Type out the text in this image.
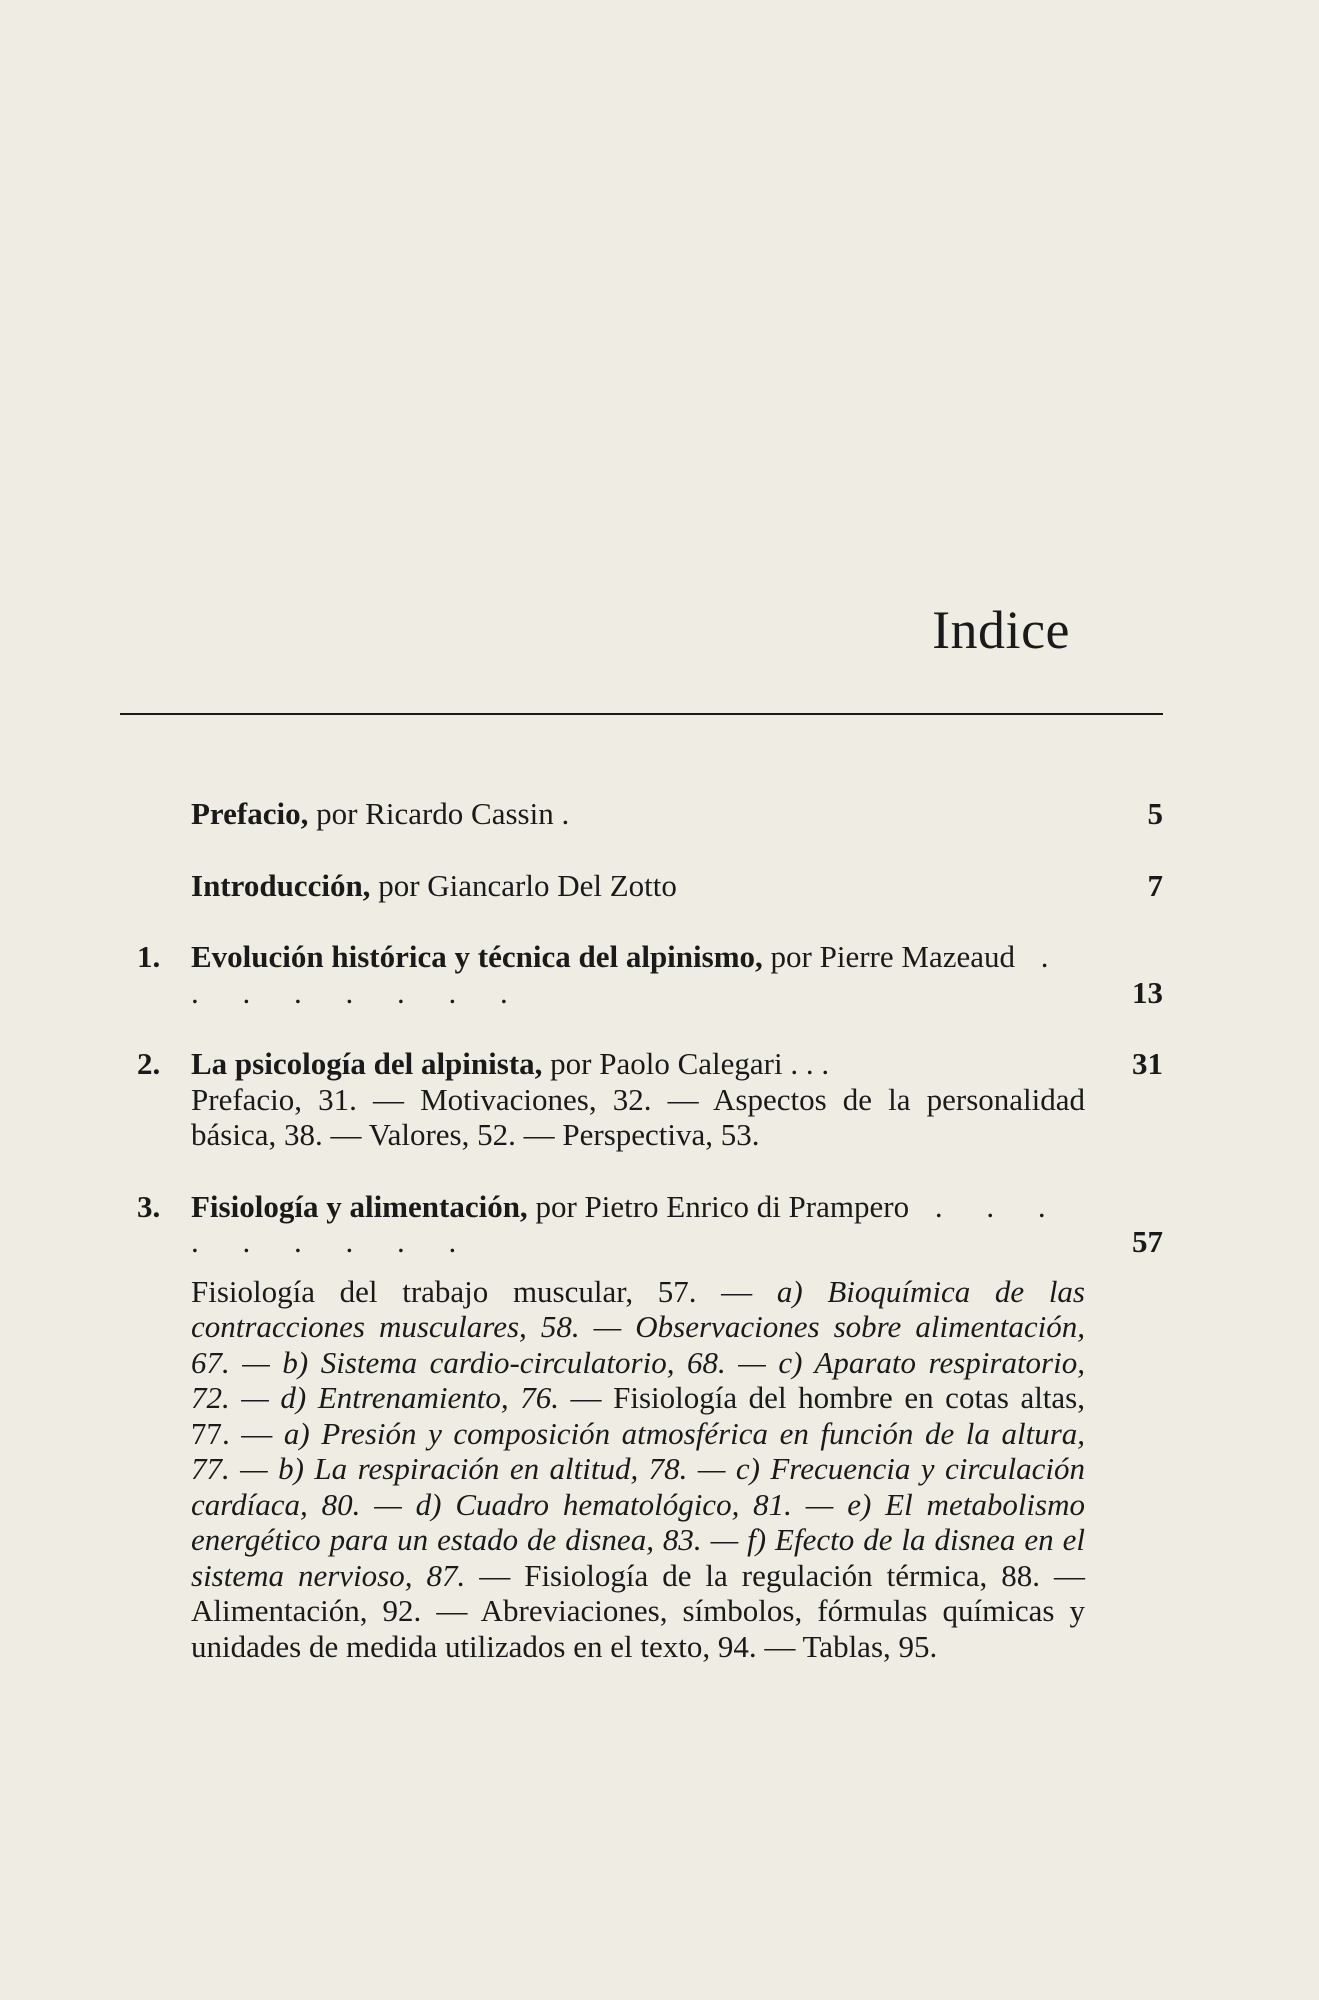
Indice
Prefacio, por Ricardo Cassin .	5
Introducción, por Giancarlo Del Zotto	7
1. Evolución histórica y técnica del alpinismo, por Pierre Mazeaud . . . . . . . .	13
2. La psicología del alpinista, por Paolo Calegari . . .	31
Prefacio, 31. — Motivaciones, 32. — Aspectos de la personalidad básica, 38. — Valores, 52. — Perspectiva, 53.
3. Fisiología y alimentación, por Pietro Enrico di Prampero . . . . . . . . .	57
Fisiología del trabajo muscular, 57. — a) Bioquímica de las contracciones musculares, 58. — Observaciones sobre alimentación, 67. — b) Sistema cardio-circulatorio, 68. — c) Aparato respiratorio, 72. — d) Entrenamiento, 76. — Fisiología del hombre en cotas altas, 77. — a) Presión y composición atmosférica en función de la altura, 77. — b) La respiración en altitud, 78. — c) Frecuencia y circulación cardíaca, 80. — d) Cuadro hematológico, 81. — e) El metabolismo energético para un estado de disnea, 83. — f) Efecto de la disnea en el sistema nervioso, 87. — Fisiología de la regulación térmica, 88. — Alimentación, 92. — Abreviaciones, símbolos, fórmulas químicas y unidades de medida utilizados en el texto, 94. — Tablas, 95.
